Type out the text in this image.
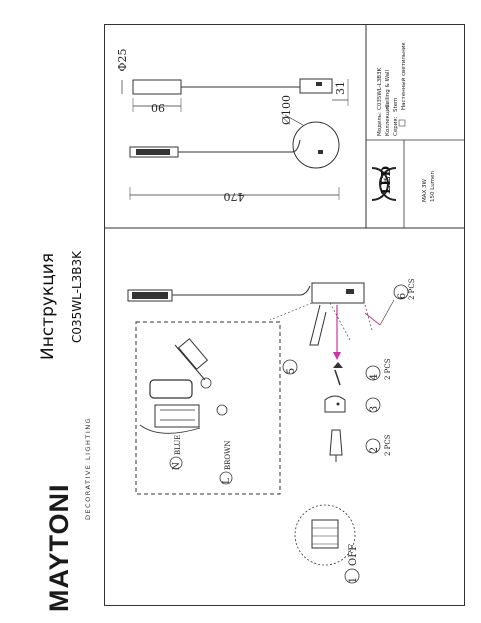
MAYTONI
DECORATIVE LIGHTING
Инструкция C035WL-L3B3K
90
Φ25
31
Ø100
470
Модель:
C035WL-L3B3K
Коллекция:
Ceiling & Wall
Серия:
Stem Настенный светильник
LED	MAX 3W 150 Lumen
N
BLUE
L
BROWN
1
OFF
2 2 PCS
3
4 2 PCS
5
6 2 PCS
